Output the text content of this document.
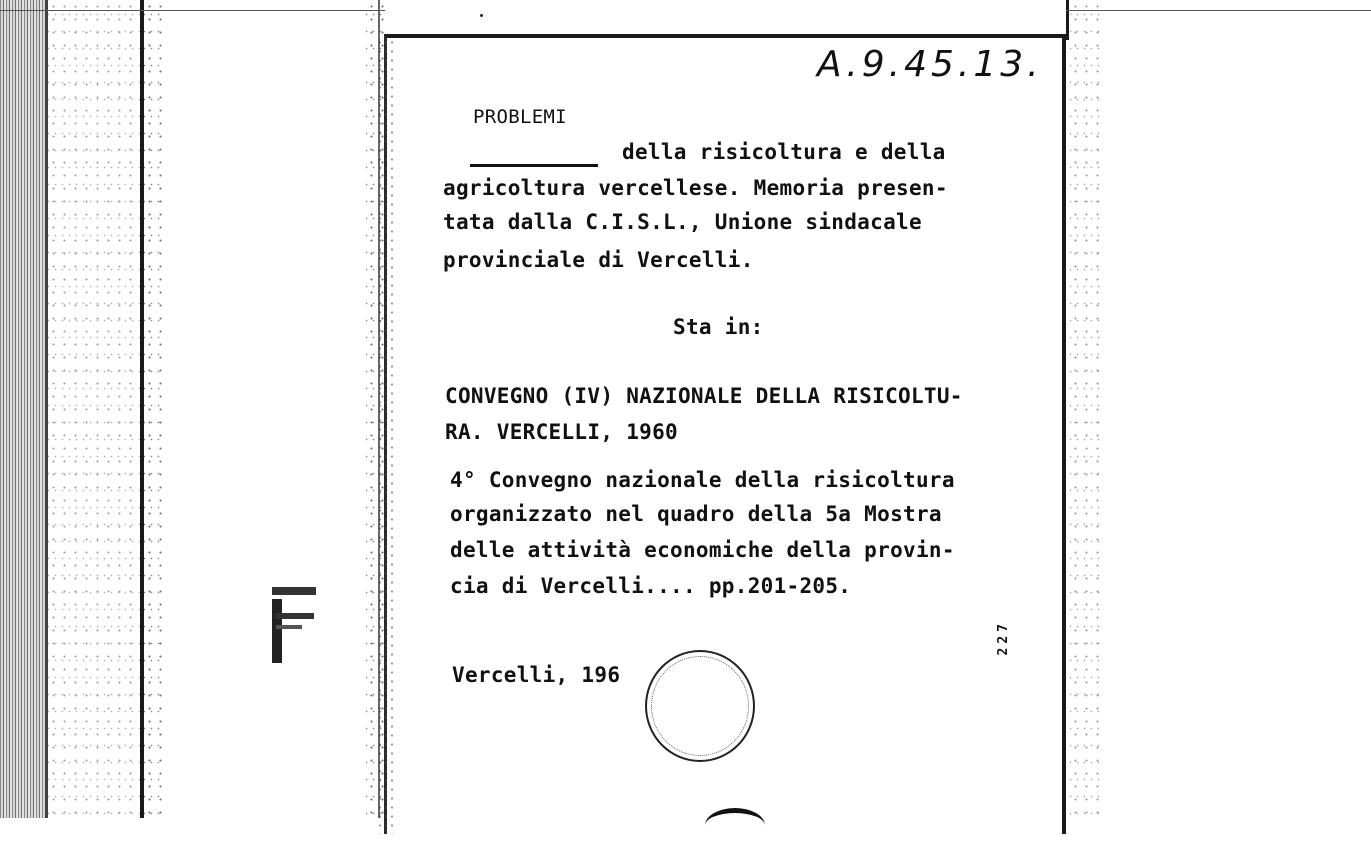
A.9.45.13.
PROBLEMI
della risicoltura e della
agricoltura vercellese. Memoria presen-
tata dalla C.I.S.L., Unione sindacale
provinciale di Vercelli.
Sta in:
CONVEGNO (IV) NAZIONALE DELLA RISICOLTU-
RA. VERCELLI, 1960
4° Convegno nazionale della risicoltura
organizzato nel quadro della 5a Mostra
delle attività economiche della provin-
cia di Vercelli.... pp.201-205.
Vercelli, 196
227
